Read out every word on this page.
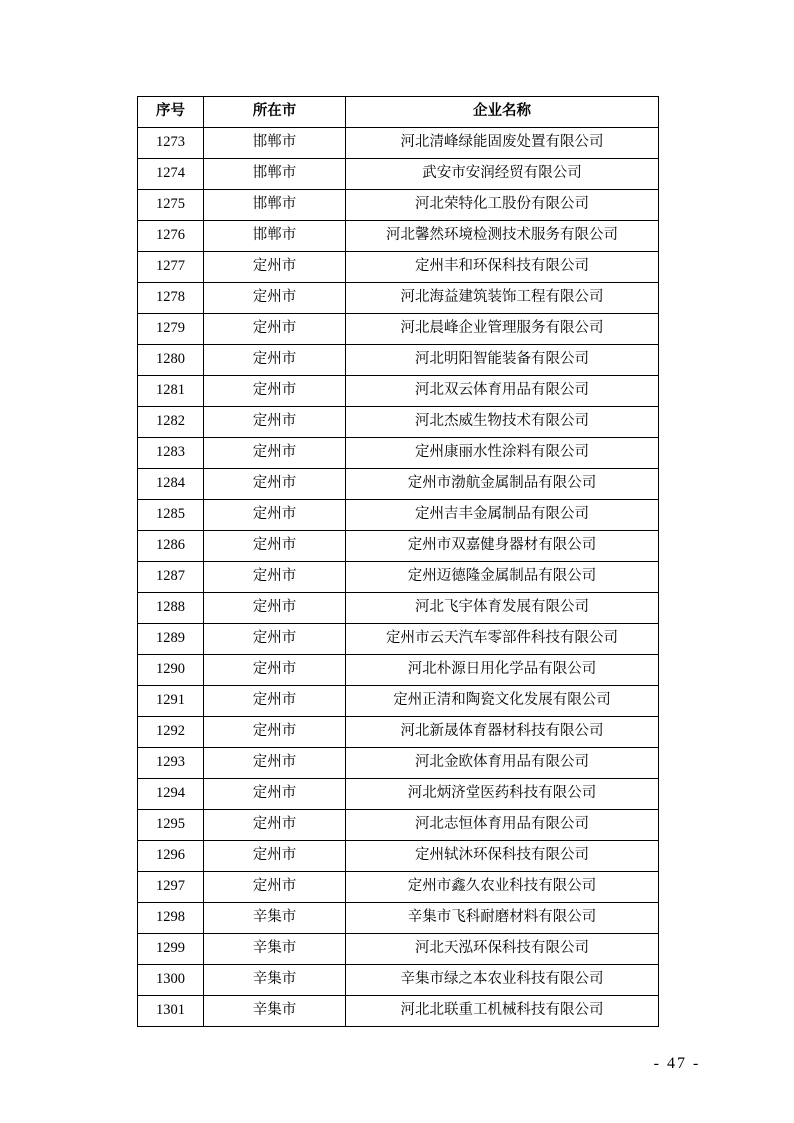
序号	所在市	企业名称
1273	邯郸市	河北清峰绿能固废处置有限公司
1274	邯郸市	武安市安润经贸有限公司
1275	邯郸市	河北荣特化工股份有限公司
1276	邯郸市	河北馨然环境检测技术服务有限公司
1277	定州市	定州丰和环保科技有限公司
1278	定州市	河北海益建筑装饰工程有限公司
1279	定州市	河北晨峰企业管理服务有限公司
1280	定州市	河北明阳智能装备有限公司
1281	定州市	河北双云体育用品有限公司
1282	定州市	河北杰威生物技术有限公司
1283	定州市	定州康丽水性涂料有限公司
1284	定州市	定州市渤航金属制品有限公司
1285	定州市	定州吉丰金属制品有限公司
1286	定州市	定州市双嘉健身器材有限公司
1287	定州市	定州迈德隆金属制品有限公司
1288	定州市	河北飞宇体育发展有限公司
1289	定州市	定州市云天汽车零部件科技有限公司
1290	定州市	河北朴源日用化学品有限公司
1291	定州市	定州正清和陶瓷文化发展有限公司
1292	定州市	河北新晟体育器材科技有限公司
1293	定州市	河北金欧体育用品有限公司
1294	定州市	河北炳济堂医药科技有限公司
1295	定州市	河北志恒体育用品有限公司
1296	定州市	定州轼沐环保科技有限公司
1297	定州市	定州市鑫久农业科技有限公司
1298	辛集市	辛集市飞科耐磨材料有限公司
1299	辛集市	河北天泓环保科技有限公司
1300	辛集市	辛集市绿之本农业科技有限公司
1301	辛集市	河北北联重工机械科技有限公司
- 47 -
